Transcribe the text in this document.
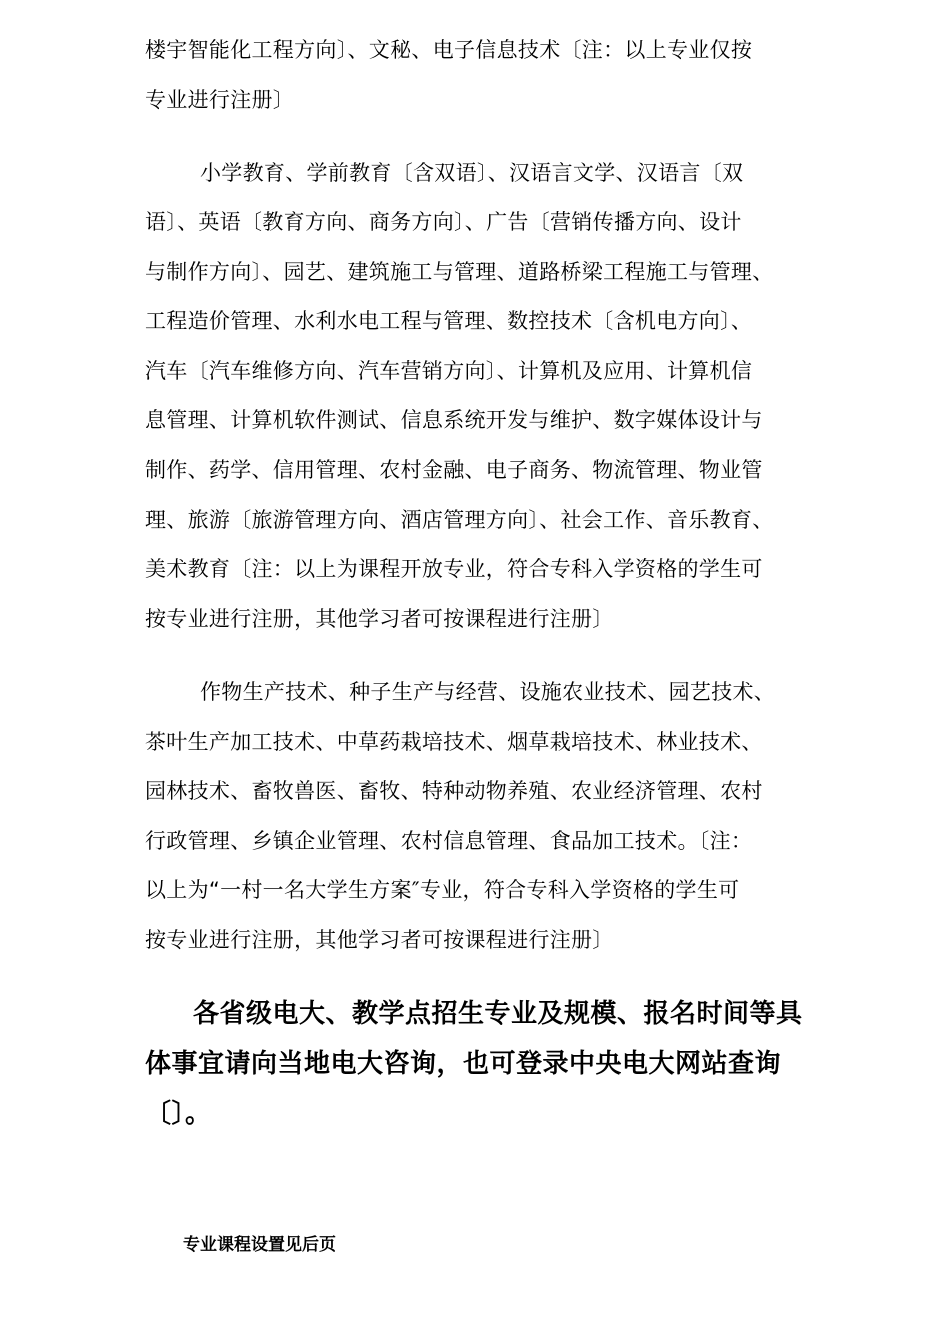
楼宇智能化工程方向〕、文秘、电子信息技术〔注：以上专业仅按
专业进行注册〕
小学教育、学前教育〔含双语〕、汉语言文学、汉语言〔双
语〕、英语〔教育方向、商务方向〕、广告〔营销传播方向、设计
与制作方向〕、园艺、建筑施工与管理、道路桥梁工程施工与管理、
工程造价管理、水利水电工程与管理、数控技术〔含机电方向〕、
汽车〔汽车维修方向、汽车营销方向〕、计算机及应用、计算机信
息管理、计算机软件测试、信息系统开发与维护、数字媒体设计与
制作、药学、信用管理、农村金融、电子商务、物流管理、物业管
理、旅游〔旅游管理方向、酒店管理方向〕、社会工作、音乐教育、
美术教育〔注：以上为课程开放专业，符合专科入学资格的学生可
按专业进行注册，其他学习者可按课程进行注册〕
作物生产技术、种子生产与经营、设施农业技术、园艺技术、
茶叶生产加工技术、中草药栽培技术、烟草栽培技术、林业技术、
园林技术、畜牧兽医、畜牧、特种动物养殖、农业经济管理、农村
行政管理、乡镇企业管理、农村信息管理、食品加工技术。〔注：
以上为“一村一名大学生方案″专业，符合专科入学资格的学生可
按专业进行注册，其他学习者可按课程进行注册〕
各省级电大、教学点招生专业及规模、报名时间等具
体事宜请向当地电大咨询，也可登录中央电大网站查询
〔〕。
专业课程设置见后页
